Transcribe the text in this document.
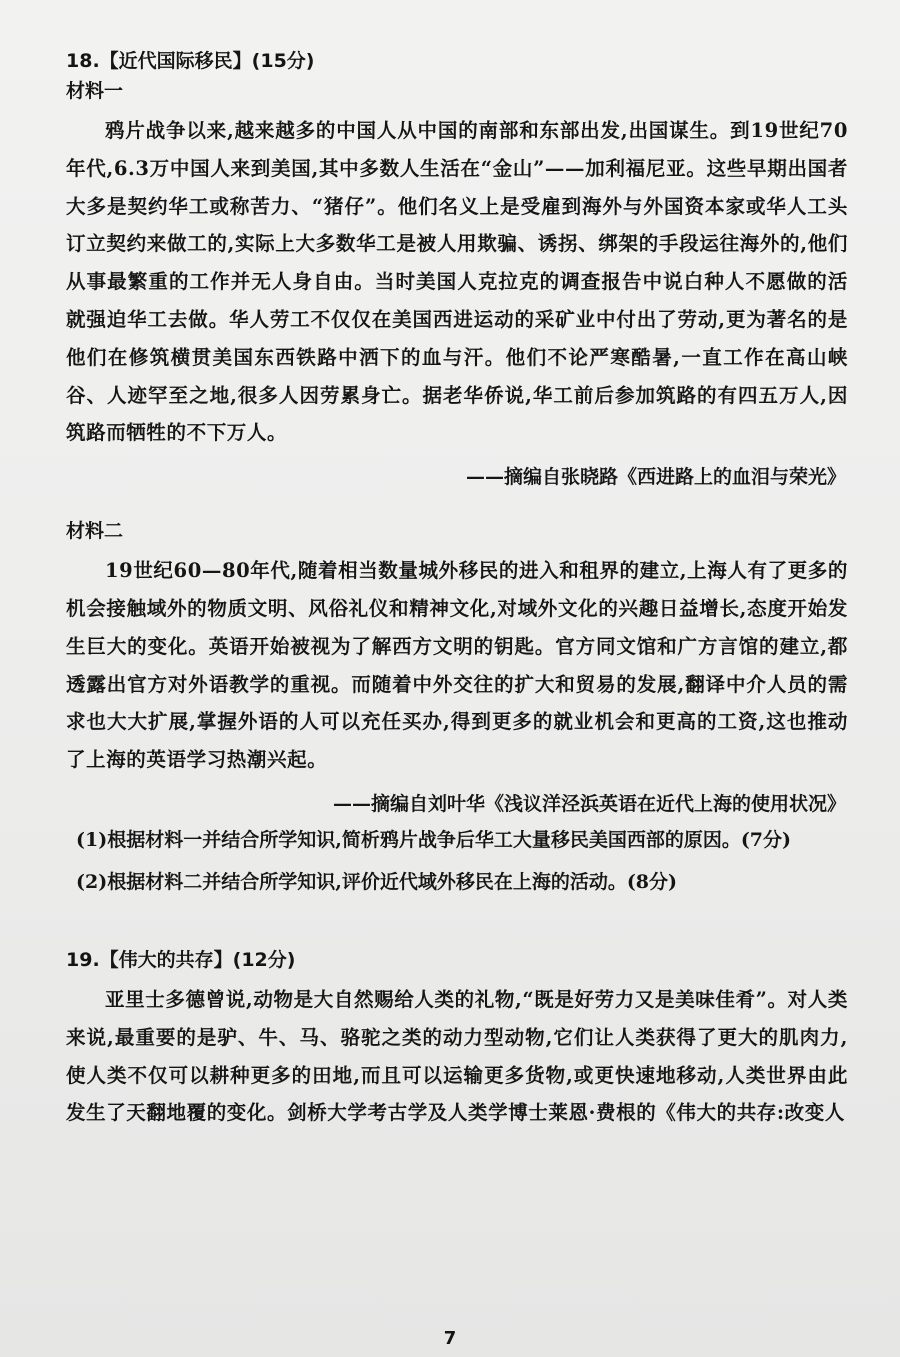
18.【近代国际移民】(15分)

材料一

鸦片战争以来,越来越多的中国人从中国的南部和东部出发,出国谋生。到19世纪70年代,6.3万中国人来到美国,其中多数人生活在“金山”——加利福尼亚。这些早期出国者大多是契约华工或称苦力、“猪仔”。他们名义上是受雇到海外与外国资本家或华人工头订立契约来做工的,实际上大多数华工是被人用欺骗、诱拐、绑架的手段运往海外的,他们从事最繁重的工作并无人身自由。当时美国人克拉克的调查报告中说白种人不愿做的活就强迫华工去做。华人劳工不仅仅在美国西进运动的采矿业中付出了劳动,更为著名的是他们在修筑横贯美国东西铁路中洒下的血与汗。他们不论严寒酷暑,一直工作在高山峡谷、人迹罕至之地,很多人因劳累身亡。据老华侨说,华工前后参加筑路的有四五万人,因筑路而牺牲的不下万人。

——摘编自张晓路《西进路上的血泪与荣光》

材料二

19世纪60—80年代,随着相当数量城外移民的进入和租界的建立,上海人有了更多的机会接触域外的物质文明、风俗礼仪和精神文化,对域外文化的兴趣日益增长,态度开始发生巨大的变化。英语开始被视为了解西方文明的钥匙。官方同文馆和广方言馆的建立,都透露出官方对外语教学的重视。而随着中外交往的扩大和贸易的发展,翻译中介人员的需求也大大扩展,掌握外语的人可以充任买办,得到更多的就业机会和更高的工资,这也推动了上海的英语学习热潮兴起。

——摘编自刘叶华《浅议洋泾浜英语在近代上海的使用状况》

(1)根据材料一并结合所学知识,简析鸦片战争后华工大量移民美国西部的原因。(7分)

(2)根据材料二并结合所学知识,评价近代域外移民在上海的活动。(8分)

19.【伟大的共存】(12分)

亚里士多德曾说,动物是大自然赐给人类的礼物,“既是好劳力又是美味佳肴”。对人类来说,最重要的是驴、牛、马、骆驼之类的动力型动物,它们让人类获得了更大的肌肉力,使人类不仅可以耕种更多的田地,而且可以运输更多货物,或更快速地移动,人类世界由此发生了天翻地覆的变化。剑桥大学考古学及人类学博士莱恩·费根的《伟大的共存:改变人

7
